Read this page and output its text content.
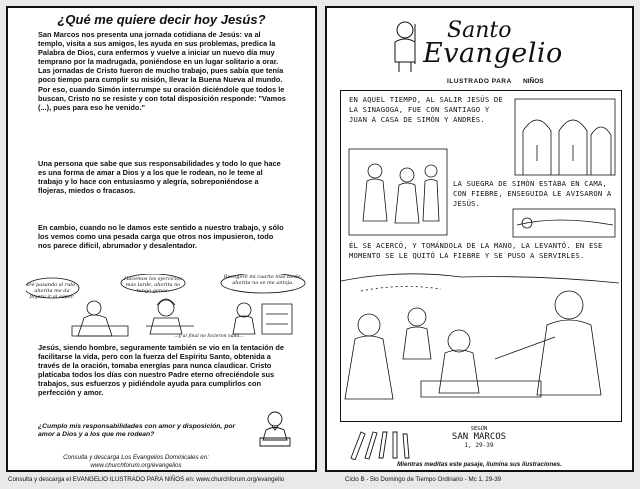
¿Qué me quiere decir hoy Jesús?

San Marcos nos presenta una jornada cotidiana de Jesús: va al templo, visita a sus amigos, les ayuda en sus problemas, predica la Palabra de Dios, cura enfermos y vuelve a iniciar un nuevo día muy temprano por la madrugada, poniéndose en un lugar solitario a orar. Las jornadas de Cristo fueron de mucho trabajo, pues sabía que tenía poco tiempo para cumplir su misión, llevar la Buena Nueva al mundo. Por eso, cuando Simón interrumpe su oración diciéndole que todos le buscan, Cristo no se resiste y con total disposición responde: "Vamos (...), pues para eso he venido."

Una persona que sabe que sus responsabilidades y todo lo que hace es una forma de amar a Dios y a los que le rodean, no le teme al trabajo y lo hace con entusiasmo y alegría, sobreponiéndose a flojeras, miedos o fracasos.

En cambio, cuando no le damos este sentido a nuestro trabajo, y sólo los vemos como una pesada carga que otros nos impusieron, todo nos parece difícil, abrumador y desalentador.

Iré pasando al rato, ahorita me da flojera ir al súper.
Hacemos los ejercicios más tarde, ahorita no tengo ganas.
Recogeré mi cuarto más tarde, ahorita no se me antoja.
...y al final no hicieron nada...

Jesús, siendo hombre, seguramente también se vio en la tentación de facilitarse la vida, pero con la fuerza del Espíritu Santo, obtenida a través de la oración, tomaba energías para nunca claudicar. Cristo platicaba todos los días con nuestro Padre eterno ofreciéndole sus trabajos, sus esfuerzos y pidiéndole ayuda para cumplirlos con perfección y amor.

¿Cumplo mis responsabilidades con amor y disposición, por amor a Dios y a los que me rodean?
Consulta y descarga Los Evangelios Dominicales en:
www.churchforum.org/evangelios
Santo
Evangelio
ILUSTRADO PARA NIÑOS
EN AQUEL TIEMPO, AL SALIR JESÚS DE LA SINAGOGA, FUE CON SANTIAGO Y JUAN A CASA DE SIMÓN Y ANDRÉS.
LA SUEGRA DE SIMÓN ESTABA EN CAMA, CON FIEBRE, ENSEGUIDA LE AVISARON A JESÚS.
ÉL SE ACERCÓ, Y TOMÁNDOLA DE LA MANO, LA LEVANTÓ. EN ESE MOMENTO SE LE QUITÓ LA FIEBRE Y SE PUSO A SERVIRLES.
SEGÚN
SAN MARCOS
1, 29-39
Mientras meditas este pasaje, ilumina sus ilustraciones.
Consulta y descarga el EVANGELIO ILUSTRADO PARA NIÑOS en: www.churchforum.org/evangelio	Ciclo B - 5to Domingo de Tiempo Ordinario - Mc 1, 29-39
